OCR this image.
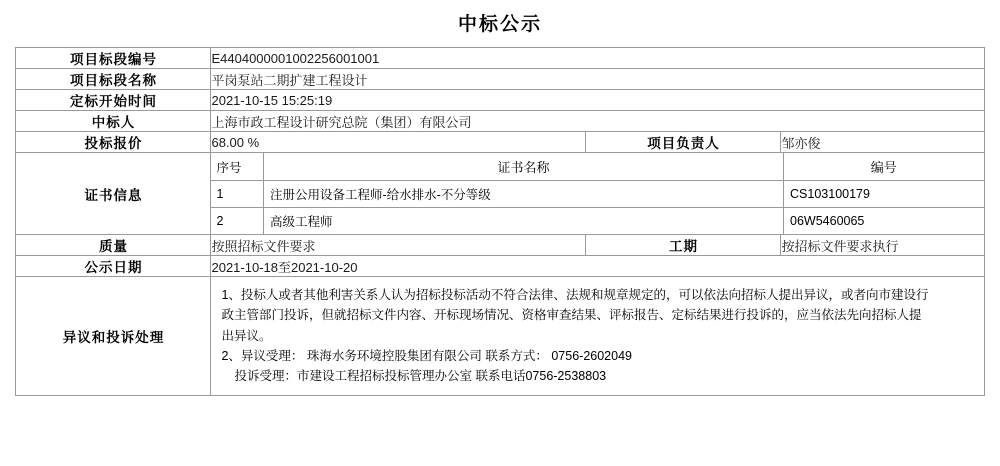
中标公示
项目标段编号	E4404000001002256001001
项目标段名称	平岗泵站二期扩建工程设计
定标开始时间	2021-10-15 15:25:19
中标人	上海市政工程设计研究总院（集团）有限公司
投标报价	68.00 %	项目负责人	邹亦俊
证书信息	
序号	证书名称	编号
1	注册公用设备工程师-给水排水-不分等级	CS103100179
2	高级工程师	06W5460065

质量	按照招标文件要求	工期	按招标文件要求执行
公示日期	2021-10-18至2021-10-20
异议和投诉处理	

1、投标人或者其他利害关系人认为招标投标活动不符合法律、法规和规章规定的，可以依法向招标人提出异议，或者向市建设行

政主管部门投诉，但就招标文件内容、开标现场情况、资格审查结果、评标报告、定标结果进行投诉的，应当依法先向招标人提

出异议。

2、异议受理： 珠海水务环境控股集团有限公司 联系方式： 0756-2602049

投诉受理：市建设工程招标投标管理办公室 联系电话0756-2538803
